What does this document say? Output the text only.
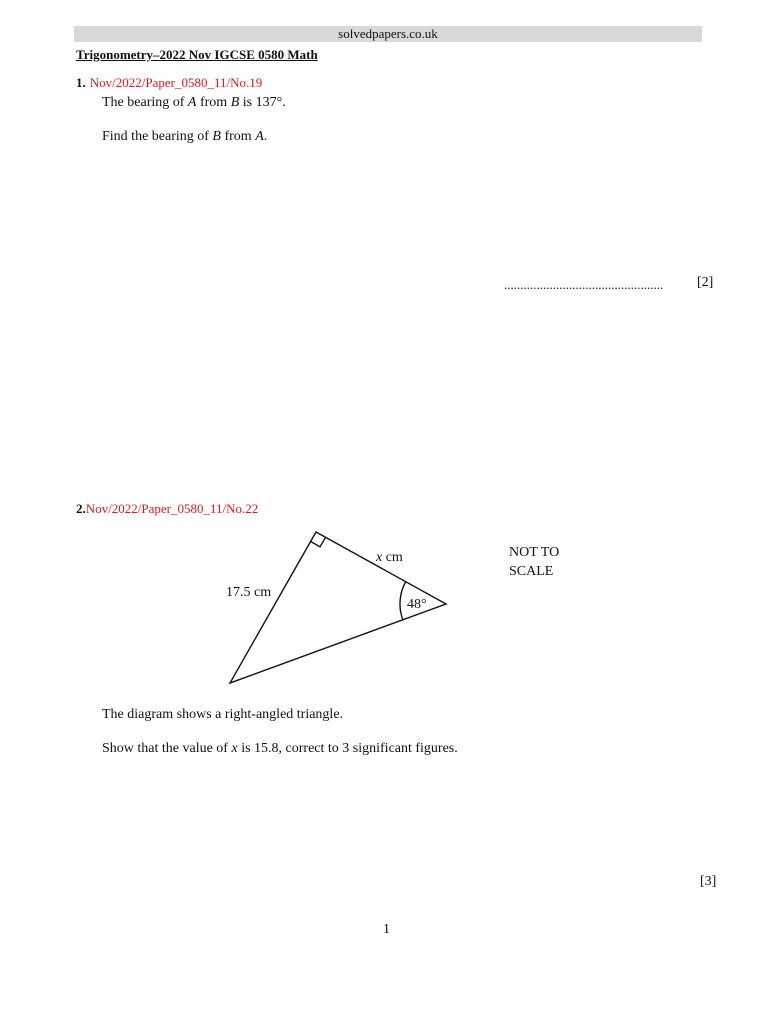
solvedpapers.co.uk
Trigonometry–2022 Nov IGCSE 0580 Math
1. Nov/2022/Paper_0580_11/No.19
The bearing of A from B is 137°.
Find the bearing of B from A.
................................................. [2]
2.Nov/2022/Paper_0580_11/No.22
17.5 cm
x cm
48°
NOT TO
SCALE
The diagram shows a right-angled triangle.
Show that the value of x is 15.8, correct to 3 significant figures.
[3]
1
